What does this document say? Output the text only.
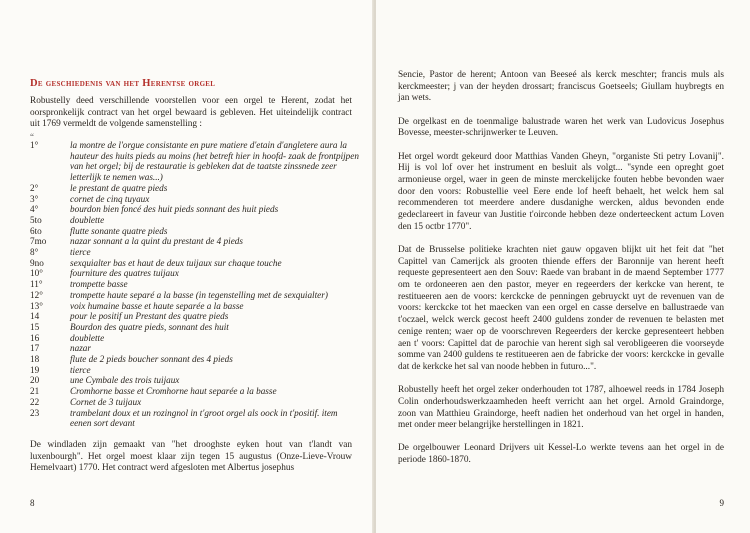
De geschiedenis van het Herentse orgel

Robustelly deed verschillende voorstellen voor een orgel te Herent, zodat het oorspronkelijk contract van het orgel bewaard is gebleven. Het uiteindelijk contract uit 1769 vermeldt de volgende samenstelling :

“
1°	la montre de l'orgue consistante en pure matiere d'etain d'angletere aura la hauteur des huits pieds au moins (het betreft hier in hoofd- zaak de frontpijpen van het orgel; bij de restauratie is gebleken dat de taatste zinssnede zeer letterlijk te nemen was...)
2°	le prestant de quatre pieds
3°	cornet de cinq tuyaux
4°	bourdon bien foncé des huit pieds sonnant des huit pieds
5to	doublette
6to	flutte sonante quatre pieds
7mo	nazar sonnant a la quint du prestant de 4 pieds
8°	tierce
9no	sexquialter bas et haut de deux tuijaux sur chaque touche
10°	fourniture des quatres tuijaux
11°	trompette basse
12°	trompette haute separé a la basse (in tegenstelling met de sexquialter)
13°	voix humaine basse et haute separée a la basse
14	pour le positif un Prestant des quatre pieds
15	Bourdon des quatre pieds, sonnant des huit
16	doublette
17	nazar
18	flute de 2 pieds boucher sonnant des 4 pieds
19	tierce
20	une Cymbale des trois tuijaux
21	Cromhorne basse et Cromhorne haut separée a la basse
22	Cornet de 3 tuijaux
23	trambelant doux et un rozingnol in t'groot orgel als oock in t'positif. item eenen sort devant

De windladen zijn gemaakt van "het drooghste eyken hout van t'landt van luxenbourgh". Het orgel moest klaar zijn tegen 15 augustus (Onze-Lieve-Vrouw Hemelvaart) 1770. Het contract werd afgesloten met Albertus josephus

8

Sencie, Pastor de herent; Antoon van Beeseé als kerck meschter; francis muls als kerckmeester; j van der heyden drossart; franciscus Goetseels; Giullam huybregts en jan wets.

De orgelkast en de toenmalige balustrade waren het werk van Ludovicus Josephus Bovesse, meester-schrijnwerker te Leuven.

Het orgel wordt gekeurd door Matthias Vanden Gheyn, "organiste Sti petry Lovanij". Hij is vol lof over het instrument en besluit als volgt... "synde een opreght goet armonieuse orgel, waer in geen de minste merckelijcke fouten hebbe bevonden waer door den voors: Robustellie veel Eere ende lof heeft behaelt, het welck hem sal recommenderen tot meerdere andere dusdanighe wercken, aldus bevonden ende gedeclareert in faveur van Justitie t'oirconde hebben deze onderteeckent actum Loven den 15 octbr 1770".

Dat de Brusselse politieke krachten niet gauw opgaven blijkt uit het feit dat "het Capittel van Camerijck als grooten thiende effers der Baronnije van herent heeft requeste gepresenteert aen den Souv: Raede van brabant in de maend September 1777 om te ordoneeren aen den pastor, meyer en regeerders der kerkcke van herent, te restitueeren aen de voors: kerckcke de penningen gebruyckt uyt de revenuen van de voors: kerckcke tot het maecken van een orgel en casse derselve en ballustraede van t'oczael, welck werck gecost heeft 2400 guldens zonder de revenuen te belasten met cenige renten; waer op de voorschreven Regeerders der kercke gepresenteert hebben aen t' voors: Capittel dat de parochie van herent sigh sal verobligeeren die voorseyde somme van 2400 guldens te restitueeren aen de fabricke der voors: kerckcke in gevalle dat de kerkcke het sal van noode hebben in futuro...".

Robustelly heeft het orgel zeker onderhouden tot 1787, alhoewel reeds in 1784 Joseph Colin onderhoudswerkzaamheden heeft verricht aan het orgel. Arnold Graindorge, zoon van Matthieu Graindorge, heeft nadien het onderhoud van het orgel in handen, met onder meer belangrijke herstellingen in 1821.

De orgelbouwer Leonard Drijvers uit Kessel-Lo werkte tevens aan het orgel in de periode 1860-1870.

9
